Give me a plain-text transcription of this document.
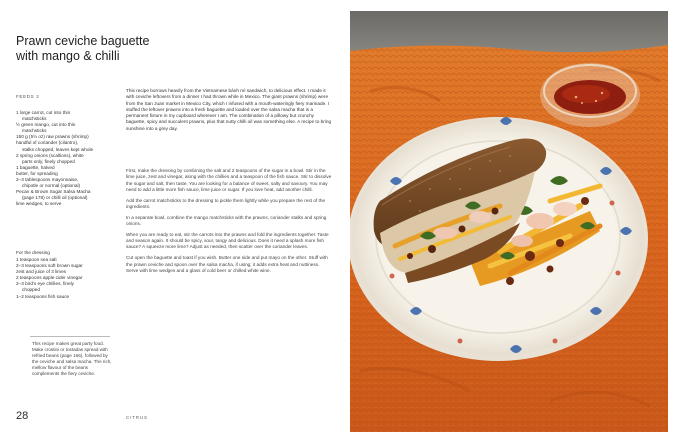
Prawn ceviche baguette
with mango & chilli
FEEDS 2
1 large carrot, cut into thin
matchsticks
½ green mango, cut into thin
matchsticks
150 g (5½ oz) raw prawns (shrimp)
handful of coriander (cilantro),
stalks chopped, leaves kept whole
2 spring onions (scallions), white
parts only, finely chopped
1 baguette, halved
butter, for spreading
2–3 tablespoons mayonnaise,
chipotle or normal (optional)
Pecan & Brown Sugar Salsa Macha
(page 178) or chilli oil (optional)
lime wedges, to serve
For the dressing
1 teaspoon sea salt
2–3 teaspoons soft brown sugar
zest and juice of 3 limes
2 teaspoons apple cider vinegar
2–3 bird's eye chillies, finely
chopped
1–2 teaspoons fish sauce

This recipe makes great party food. Make crostini or tostadas spread with refried beans (page 166), followed by the ceviche and salsa macha. The rich, mellow flavour of the beans complements the fiery ceviche.

This recipe borrows heavily from the Vietnamese bánh mì sandwich, to delicious effect. I made it with ceviche leftovers from a dinner I had thrown while in Mexico. The giant prawns (shrimp) were from the San Juan market in Mexico City, which I infused with a mouth-wateringly fiery marinade. I stuffed the leftover prawns into a fresh baguette and loaded over the salsa macha that is a permanent fixture in my cupboard wherever I am. The combination of a pillowy but crunchy baguette, spicy and succulent prawns, plus that nutty chilli oil was something else. A recipe to bring sunshine into a grey day.

First, make the dressing by combining the salt and 2 teaspoons of the sugar in a bowl. Stir in the lime juice, zest and vinegar, along with the chillies and a teaspoon of the fish sauce. Stir to dissolve the sugar and salt, then taste. You are looking for a balance of sweet, salty and savoury. You may need to add a little more fish sauce, lime juice or sugar. If you love heat, add another chilli.

Add the carrot matchsticks to the dressing to pickle them lightly while you prepare the rest of the ingredients.

In a separate bowl, combine the mango matchsticks with the prawns, coriander stalks and spring onions.

When you are ready to eat, stir the carrots into the prawns and fold the ingredients together. Taste and season again. It should be spicy, sour, tangy and delicious. Does it need a splash more fish sauce? A squeeze more lime? Adjust as needed, then scatter over the coriander leaves.

Cut open the baguette and toast if you wish. Butter one side and put mayo on the other. Stuff with the prawn ceviche and spoon over the salsa macha, if using; it adds extra heat and nuttiness. Serve with lime wedges and a glass of cold beer or chilled white wine.

28	CITRUS
